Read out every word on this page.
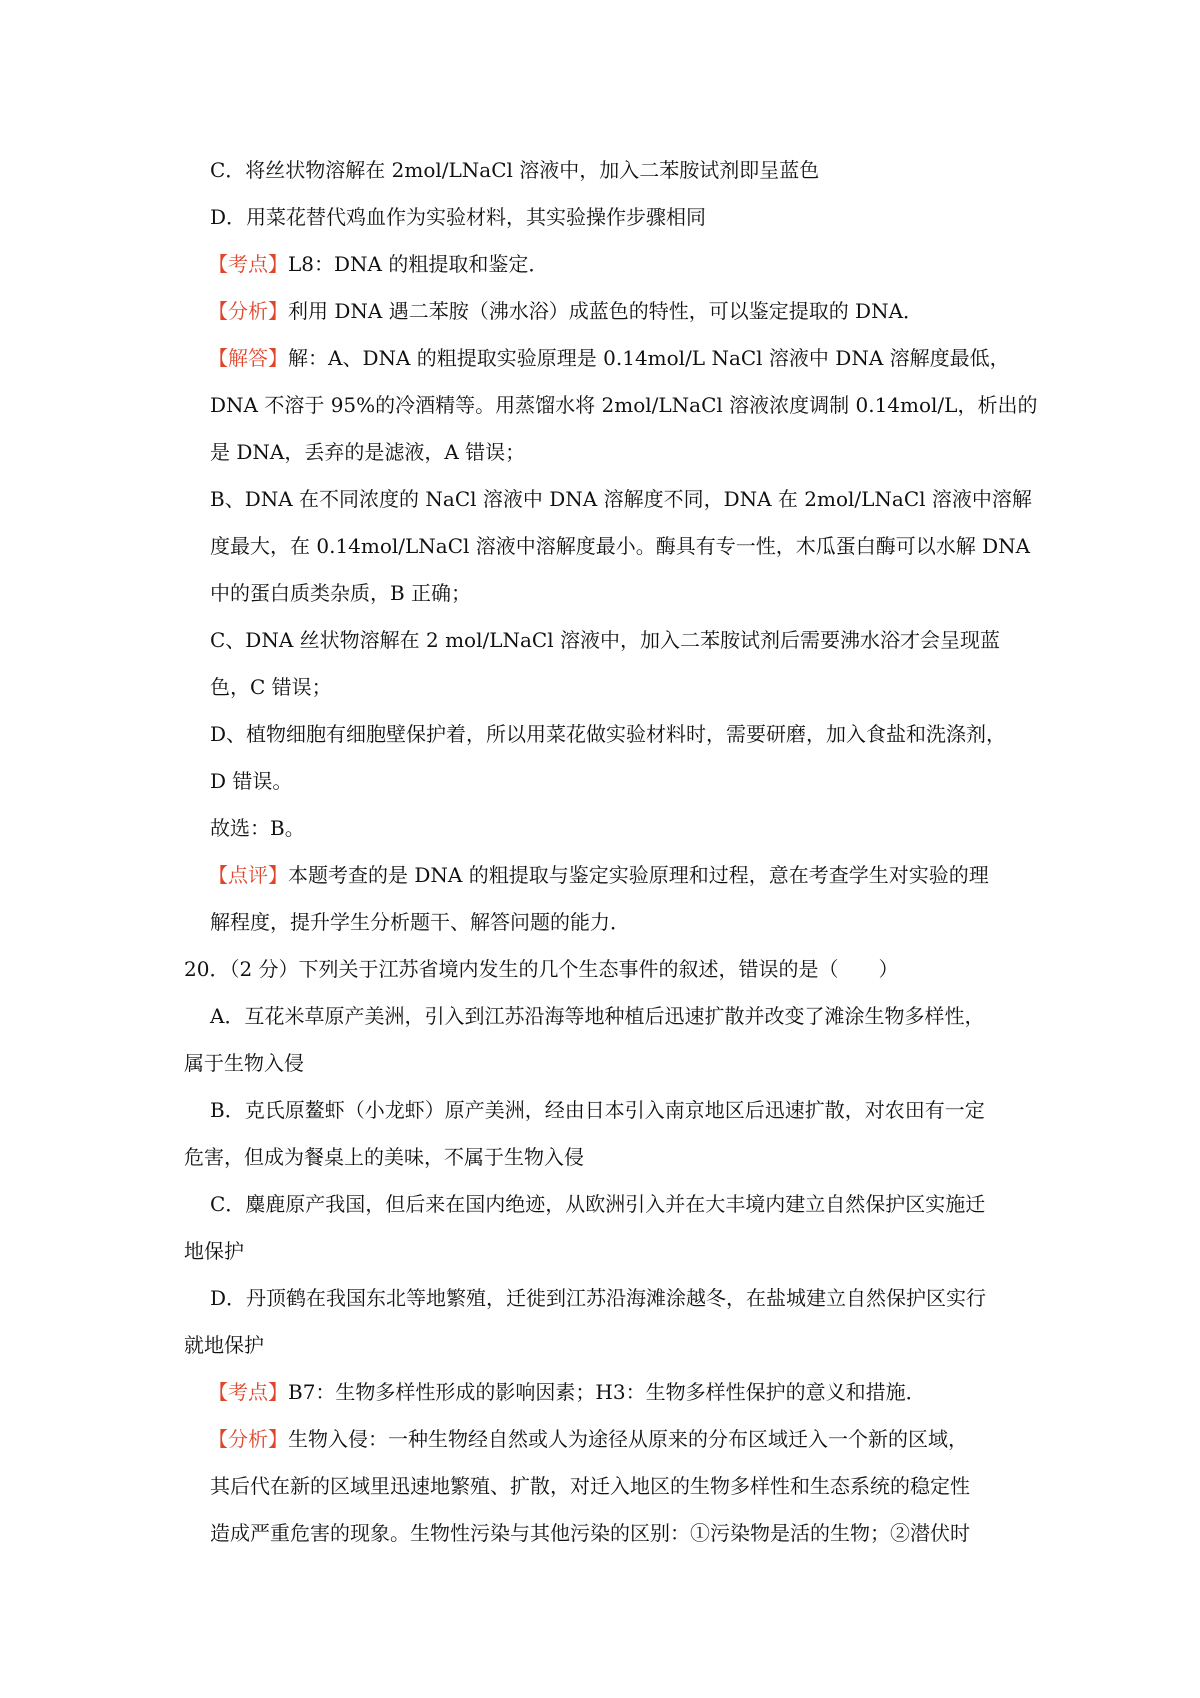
C．将丝状物溶解在 2mol/LNaCl 溶液中，加入二苯胺试剂即呈蓝色
D．用菜花替代鸡血作为实验材料，其实验操作步骤相同
【考点】L8：DNA 的粗提取和鉴定．
【分析】利用 DNA 遇二苯胺（沸水浴）成蓝色的特性，可以鉴定提取的 DNA．
【解答】解：A、DNA 的粗提取实验原理是 0.14mol/L NaCl 溶液中 DNA 溶解度最低，
DNA 不溶于 95%的冷酒精等。用蒸馏水将 2mol/LNaCl 溶液浓度调制 0.14mol/L，析出的
是 DNA，丢弃的是滤液，A 错误；
B、DNA 在不同浓度的 NaCl 溶液中 DNA 溶解度不同，DNA 在 2mol/LNaCl 溶液中溶解
度最大，在 0.14mol/LNaCl 溶液中溶解度最小。酶具有专一性，木瓜蛋白酶可以水解 DNA
中的蛋白质类杂质，B 正确；
C、DNA 丝状物溶解在 2 mol/LNaCl 溶液中，加入二苯胺试剂后需要沸水浴才会呈现蓝
色，C 错误；
D、植物细胞有细胞壁保护着，所以用菜花做实验材料时，需要研磨，加入食盐和洗涤剂，
D 错误。
故选：B。
【点评】本题考查的是 DNA 的粗提取与鉴定实验原理和过程，意在考查学生对实验的理
解程度，提升学生分析题干、解答问题的能力．
20．（2 分）下列关于江苏省境内发生的几个生态事件的叙述，错误的是（　　）
A．互花米草原产美洲，引入到江苏沿海等地种植后迅速扩散并改变了滩涂生物多样性，
属于生物入侵
B．克氏原鳌虾（小龙虾）原产美洲，经由日本引入南京地区后迅速扩散，对农田有一定
危害，但成为餐桌上的美味，不属于生物入侵
C．麋鹿原产我国，但后来在国内绝迹，从欧洲引入并在大丰境内建立自然保护区实施迁
地保护
D．丹顶鹤在我国东北等地繁殖，迁徙到江苏沿海滩涂越冬，在盐城建立自然保护区实行
就地保护
【考点】B7：生物多样性形成的影响因素；H3：生物多样性保护的意义和措施．
【分析】生物入侵：一种生物经自然或人为途径从原来的分布区域迁入一个新的区域，
其后代在新的区域里迅速地繁殖、扩散，对迁入地区的生物多样性和生态系统的稳定性
造成严重危害的现象。生物性污染与其他污染的区别：①污染物是活的生物；②潜伏时
